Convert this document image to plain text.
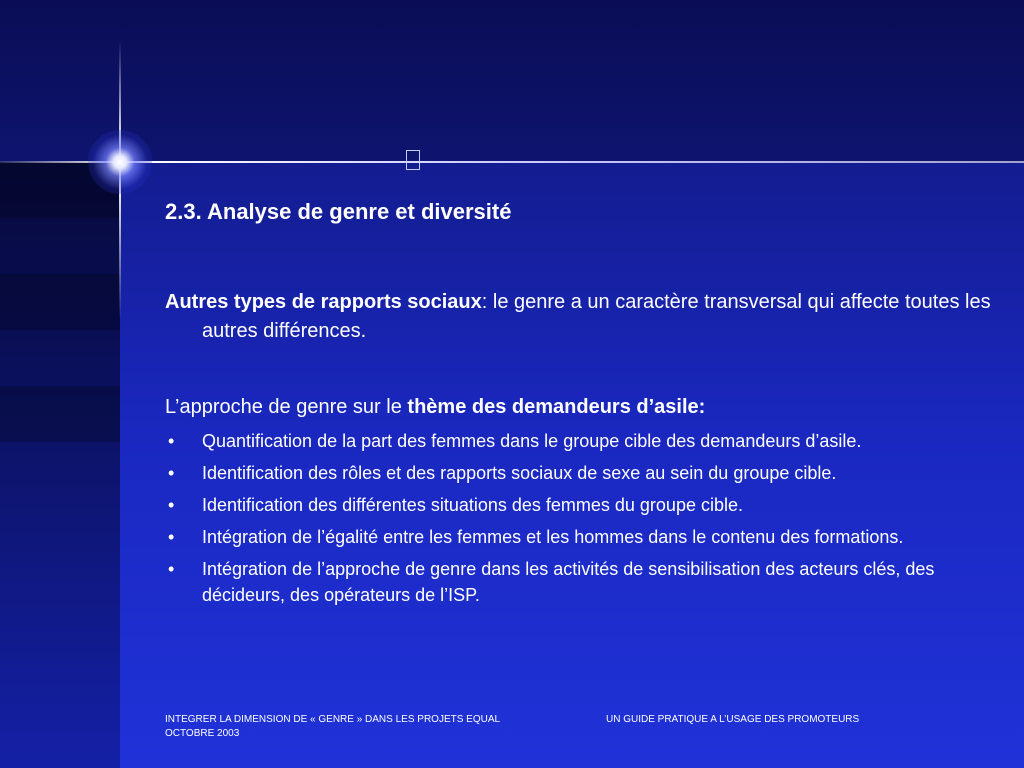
2.3. Analyse de genre et diversité

Autres types de rapports sociaux: le genre a un caractère transversal qui affecte toutes les autres différences.

L’approche de genre sur le thème des demandeurs d’asile:

• Quantification de la part des femmes dans le groupe cible des demandeurs d’asile.
• Identification des rôles et des rapports sociaux de sexe au sein du groupe cible.
• Identification des différentes situations des femmes du groupe cible.
• Intégration de l’égalité entre les femmes et les hommes dans le contenu des formations.
• Intégration de l’approche de genre dans les activités de sensibilisation des acteurs clés, des décideurs, des opérateurs de l’ISP.
INTEGRER LA DIMENSION DE « GENRE » DANS LES PROJETS EQUAL
OCTOBRE 2003
UN GUIDE PRATIQUE A L’USAGE DES PROMOTEURS
